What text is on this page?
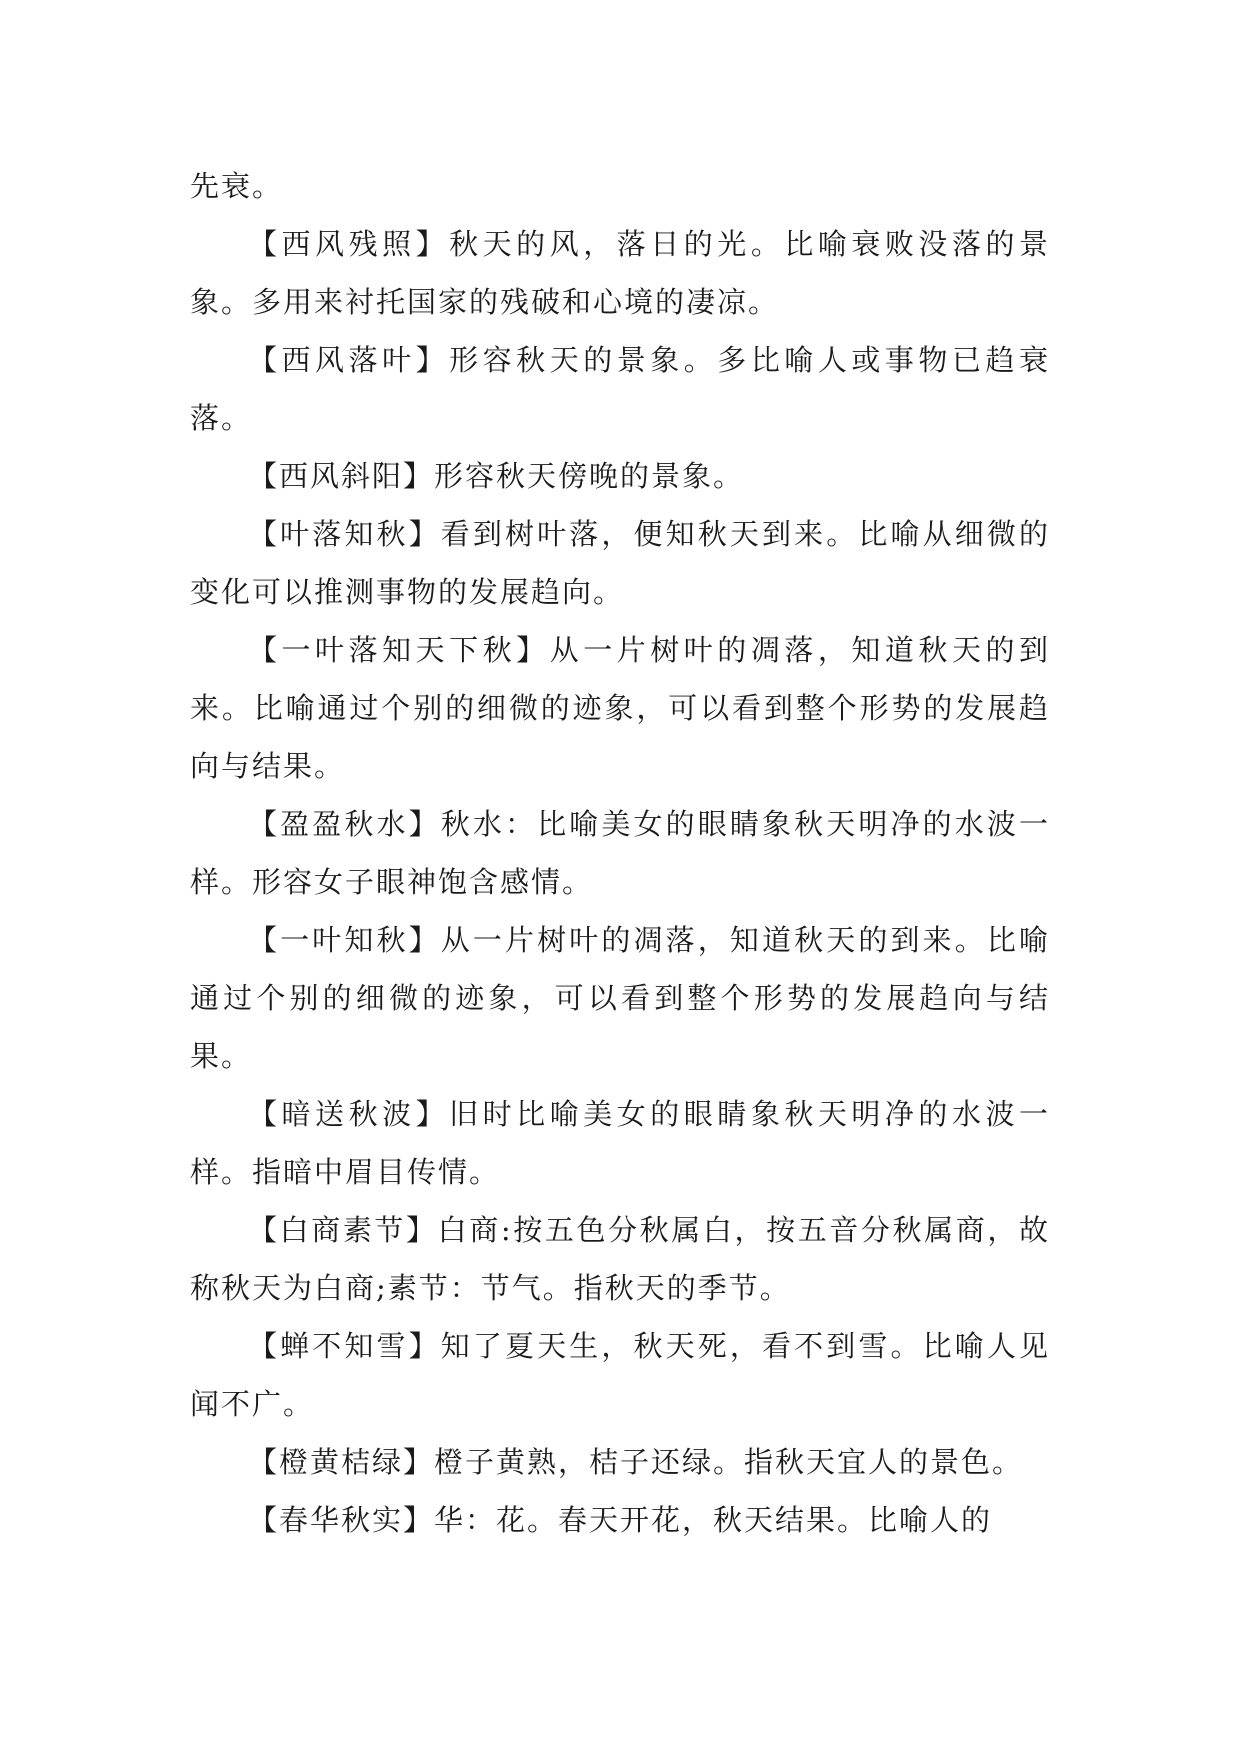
先衰。

【西风残照】秋天的风，落日的光。比喻衰败没落的景象。多用来衬托国家的残破和心境的凄凉。

【西风落叶】形容秋天的景象。多比喻人或事物已趋衰落。

【西风斜阳】形容秋天傍晚的景象。

【叶落知秋】看到树叶落，便知秋天到来。比喻从细微的变化可以推测事物的发展趋向。

【一叶落知天下秋】从一片树叶的凋落，知道秋天的到来。比喻通过个别的细微的迹象，可以看到整个形势的发展趋向与结果。

【盈盈秋水】秋水：比喻美女的眼睛象秋天明净的水波一样。形容女子眼神饱含感情。

【一叶知秋】从一片树叶的凋落，知道秋天的到来。比喻通过个别的细微的迹象，可以看到整个形势的发展趋向与结果。

【暗送秋波】旧时比喻美女的眼睛象秋天明净的水波一样。指暗中眉目传情。

【白商素节】白商:按五色分秋属白，按五音分秋属商，故称秋天为白商;素节：节气。指秋天的季节。

【蝉不知雪】知了夏天生，秋天死，看不到雪。比喻人见闻不广。

【橙黄桔绿】橙子黄熟，桔子还绿。指秋天宜人的景色。

【春华秋实】华：花。春天开花，秋天结果。比喻人的
